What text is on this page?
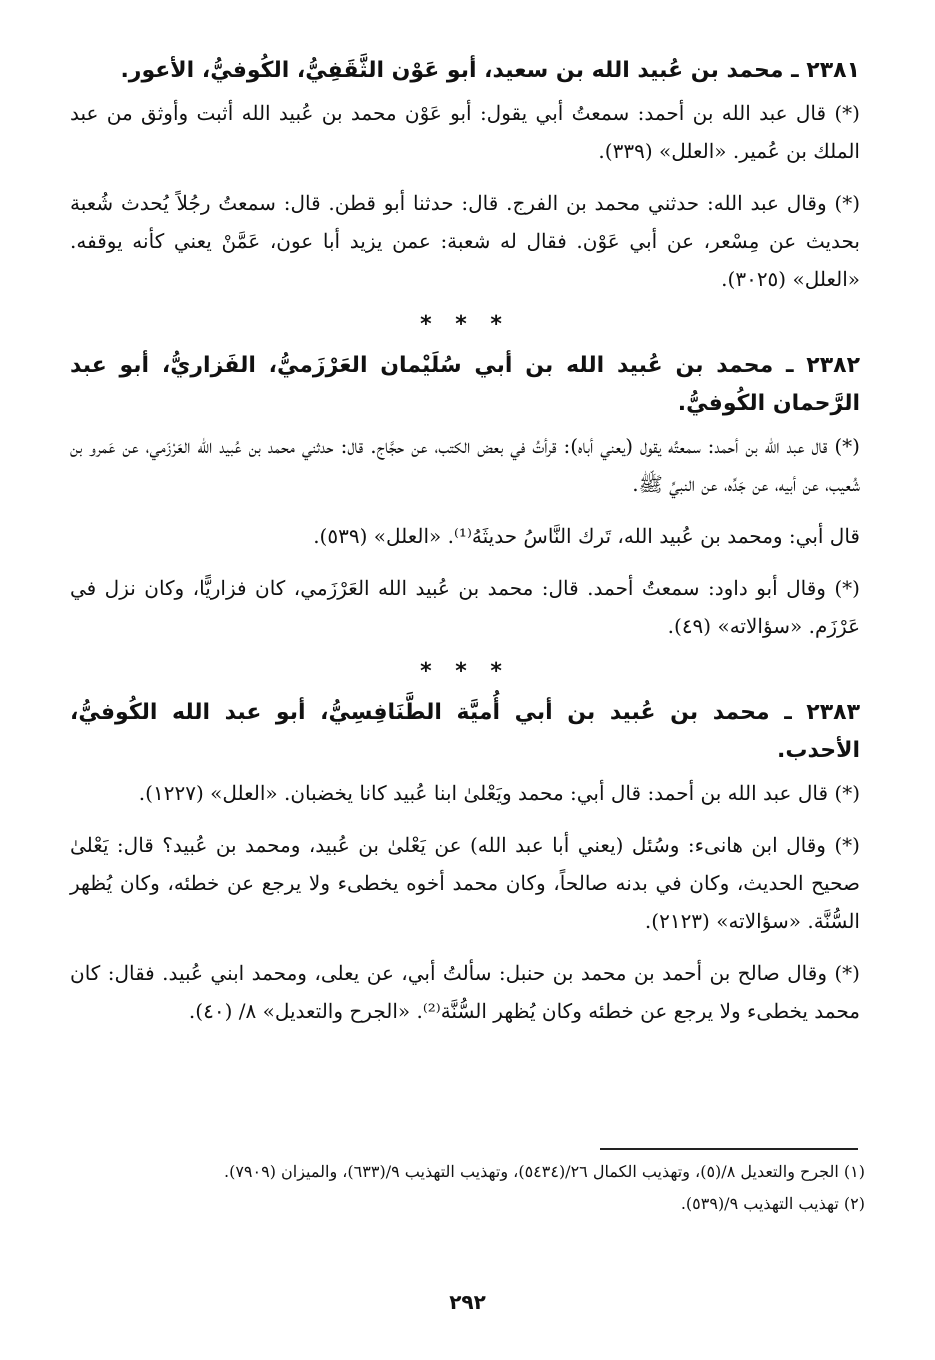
٢٣٨١ ـ محمد بن عُبيد الله بن سعيد، أبو عَوْن الثَّقَفِيُّ، الكُوفيُّ، الأعور.

(*) قال عبد الله بن أحمد: سمعتُ أبي يقول: أبو عَوْن محمد بن عُبيد الله أثبت وأوثق من عبد الملك بن عُمير. «العلل» (٣٣٩).

(*) وقال عبد الله: حدثني محمد بن الفرج. قال: حدثنا أبو قطن. قال: سمعتُ رجُلاً يُحدث شُعبة بحديث عن مِسْعر، عن أبي عَوْن. فقال له شعبة: عمن يزيد أبا عون، عَمَّنْ يعني كأنه يوقفه. «العلل» (٣٠٢٥).

* * *

٢٣٨٢ ـ محمد بن عُبيد الله بن أبي سُلَيْمان العَرْزَميُّ، الفَزاريُّ، أبو عبد الرَّحمان الكُوفيُّ.

(*) قال عبد الله بن أحمد: سمعتُه يقول (يعني أباه): قرأتُ في بعض الكتب، عن حجَّاج. قال: حدثني محمد بن عُبيد الله العَرْزَمي، عن عَمرو بن شُعيب، عن أبيه، عن جَدِّه، عن النبيِّ ﷺ.

قال أبي: ومحمد بن عُبيد الله، تَرك النَّاسُ حديثَهُ⁽¹⁾. «العلل» (٥٣٩).

(*) وقال أبو داود: سمعتُ أحمد. قال: محمد بن عُبيد الله العَرْزَمي، كان فزاريًّا، وكان نزل في عَرْزَم. «سؤالاته» (٤٩).

* * *

٢٣٨٣ ـ محمد بن عُبيد بن أبي أُميَّة الطَّنَافِسِيُّ، أبو عبد الله الكُوفيُّ، الأحدب.

(*) قال عبد الله بن أحمد: قال أبي: محمد ويَعْلىٰ ابنا عُبيد كانا يخضبان. «العلل» (١٢٢٧).

(*) وقال ابن هانىء: وسُئل (يعني أبا عبد الله) عن يَعْلىٰ بن عُبيد، ومحمد بن عُبيد؟ قال: يَعْلىٰ صحيح الحديث، وكان في بدنه صالحاً، وكان محمد أخوه يخطىء ولا يرجع عن خطئه، وكان يُظهر السُّنَّة. «سؤالاته» (٢١٢٣).

(*) وقال صالح بن أحمد بن محمد بن حنبل: سألتُ أبي، عن يعلى، ومحمد ابني عُبيد. فقال: كان محمد يخطىء ولا يرجع عن خطئه وكان يُظهر السُّنَّة⁽²⁾. «الجرح والتعديل» ٨/ (٤٠).

(١) الجرح والتعديل ٨/(٥)، وتهذيب الكمال ٢٦/(٥٤٣٤)، وتهذيب التهذيب ٩/(٦٣٣)، والميزان (٧٩٠٩).

(٢) تهذيب التهذيب ٩/(٥٣٩).

٢٩٢
